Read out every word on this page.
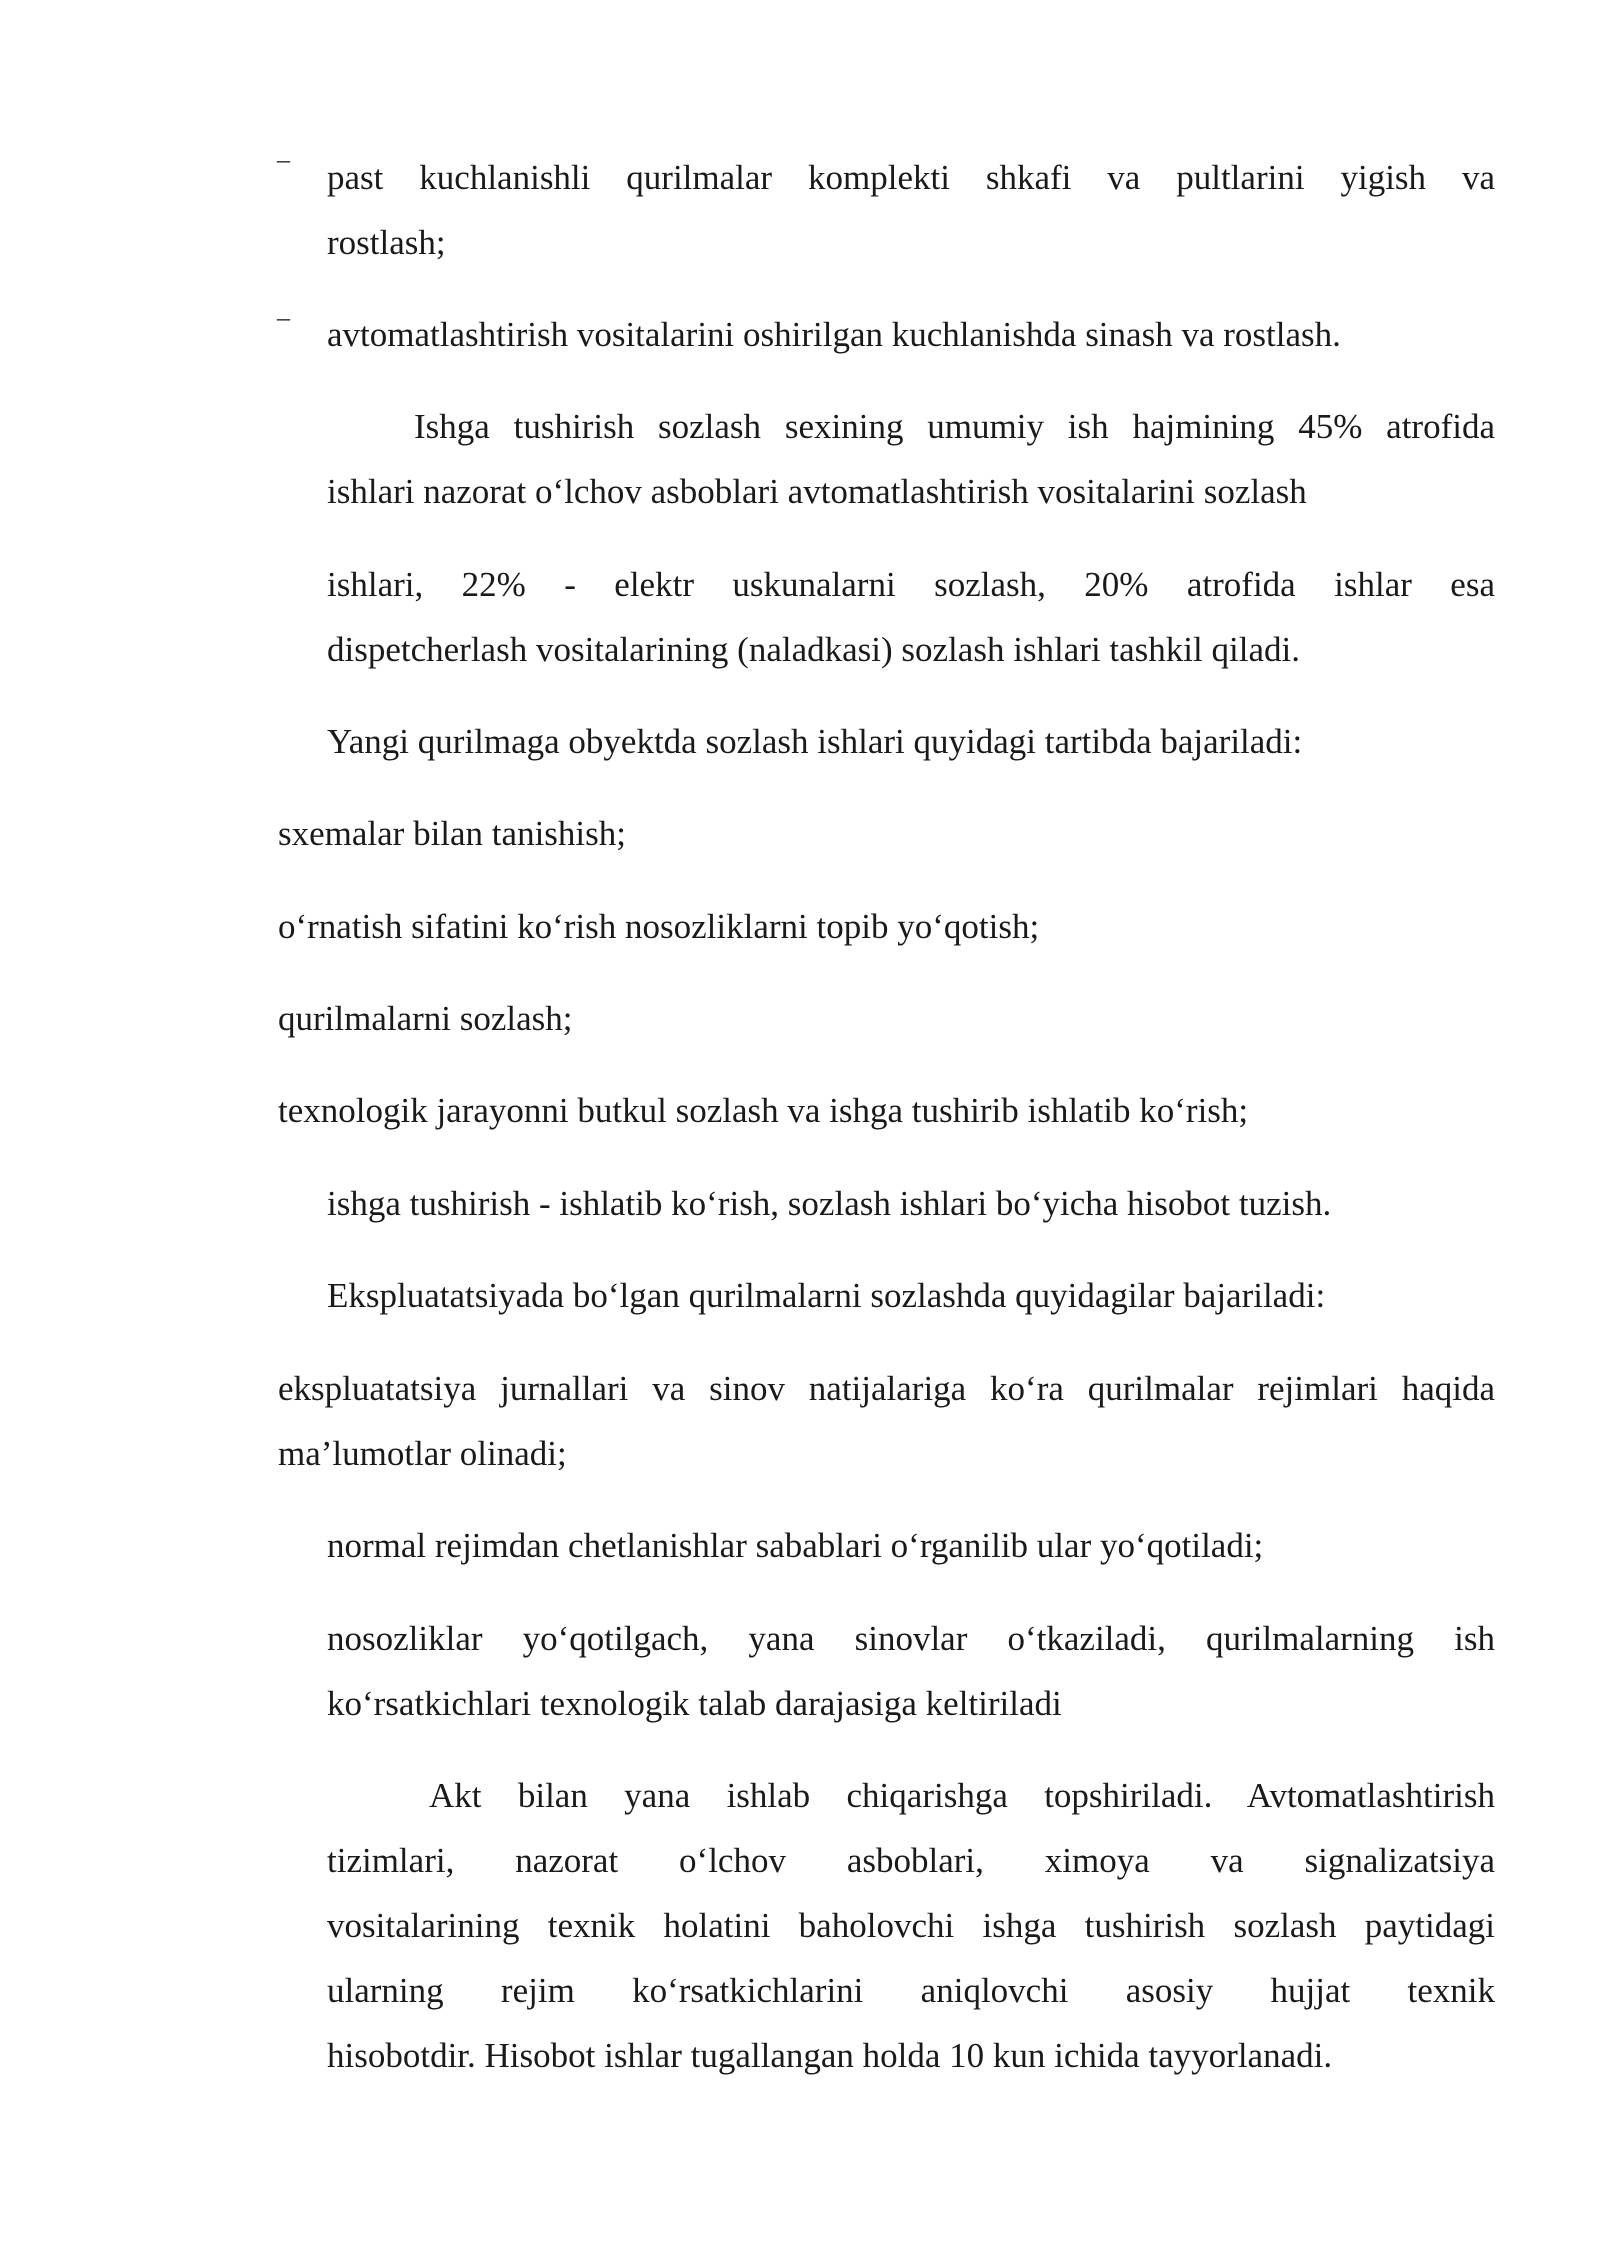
_
past kuchlanishli qurilmalar komplekti shkafi va pultlarini yigish va
rostlash;
_
avtomatlashtirish vositalarini oshirilgan kuchlanishda sinash va rostlash.
Ishga tushirish sozlash sexining umumiy ish hajmining 45% atrofida
ishlari nazorat o‘lchov asboblari avtomatlashtirish vositalarini sozlash
ishlari, 22% - elektr uskunalarni sozlash, 20% atrofida ishlar esa
dispetcherlash vositalarining (naladkasi) sozlash ishlari tashkil qiladi.
Yangi qurilmaga obyektda sozlash ishlari quyidagi tartibda bajariladi:
sxemalar bilan tanishish;
o‘rnatish sifatini ko‘rish nosozliklarni topib yo‘qotish;
qurilmalarni sozlash;
texnologik jarayonni butkul sozlash va ishga tushirib ishlatib ko‘rish;
ishga tushirish - ishlatib ko‘rish, sozlash ishlari bo‘yicha hisobot tuzish.
Ekspluatatsiyada bo‘lgan qurilmalarni sozlashda quyidagilar bajariladi:
ekspluatatsiya jurnallari va sinov natijalariga ko‘ra qurilmalar rejimlari haqida
ma’lumotlar olinadi;
normal rejimdan chetlanishlar sabablari o‘rganilib ular yo‘qotiladi;
nosozliklar yo‘qotilgach, yana sinovlar o‘tkaziladi, qurilmalarning ish
ko‘rsatkichlari texnologik talab darajasiga keltiriladi
Akt bilan yana ishlab chiqarishga topshiriladi. Avtomatlashtirish
tizimlari, nazorat o‘lchov asboblari, ximoya va signalizatsiya
vositalarining texnik holatini baholovchi ishga tushirish sozlash paytidagi
ularning rejim ko‘rsatkichlarini aniqlovchi asosiy hujjat texnik
hisobotdir. Hisobot ishlar tugallangan holda 10 kun ichida tayyorlanadi.
